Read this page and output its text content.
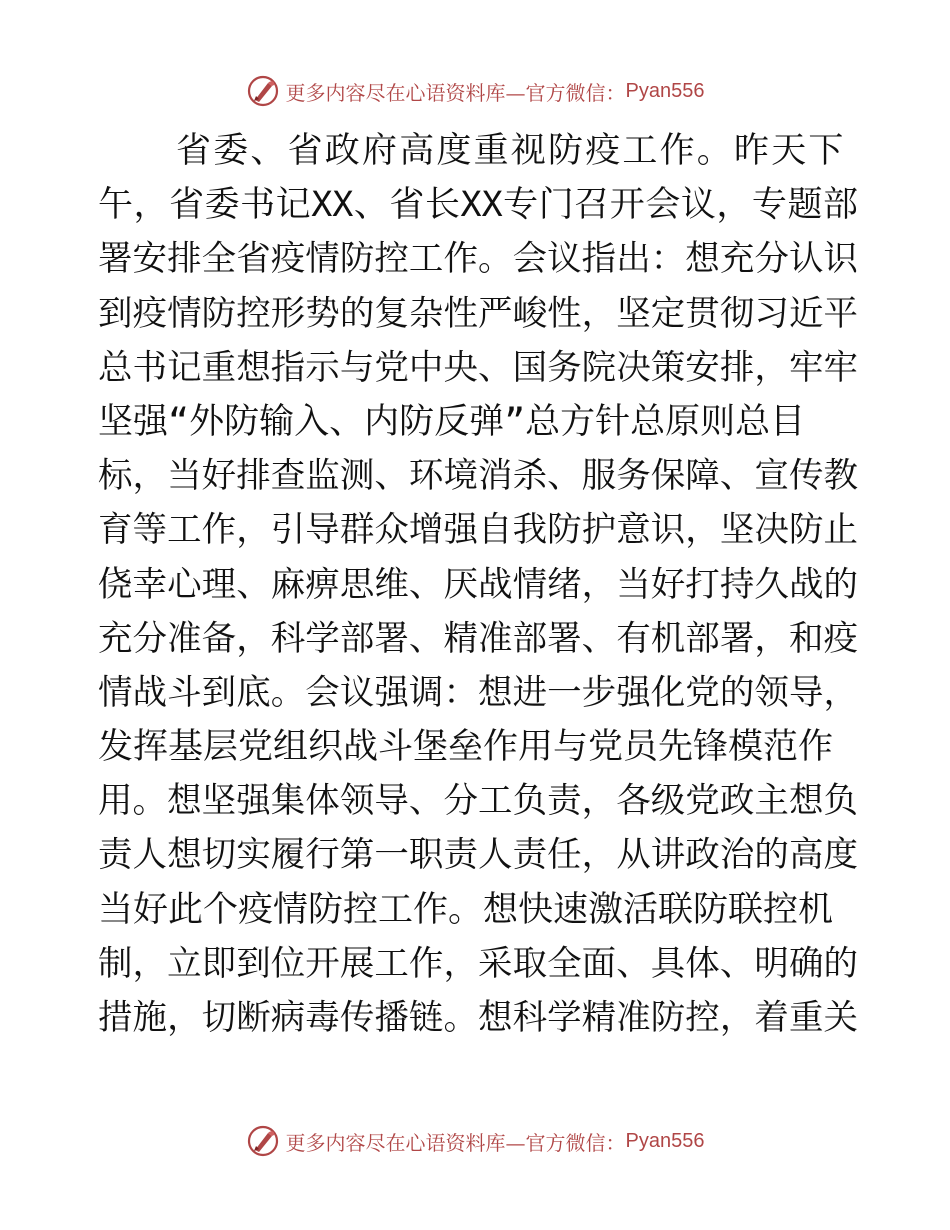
更多内容尽在心语资料库—官方微信： Pyan556
省委、省政府高度重视防疫工作。昨天下
午，省委书记XX、省长XX专门召开会议，专题部
署安排全省疫情防控工作。会议指出：想充分认识
到疫情防控形势的复杂性严峻性，坚定贯彻习近平
总书记重想指示与党中央、国务院决策安排，牢牢
坚强“外防输入、内防反弹”总方针总原则总目
标，当好排查监测、环境消杀、服务保障、宣传教
育等工作，引导群众增强自我防护意识，坚决防止
侥幸心理、麻痹思维、厌战情绪，当好打持久战的
充分准备，科学部署、精准部署、有机部署，和疫
情战斗到底。会议强调：想进一步强化党的领导，
发挥基层党组织战斗堡垒作用与党员先锋模范作
用。想坚强集体领导、分工负责，各级党政主想负
责人想切实履行第一职责人责任，从讲政治的高度
当好此个疫情防控工作。想快速激活联防联控机
制，立即到位开展工作，采取全面、具体、明确的
措施，切断病毒传播链。想科学精准防控，着重关
更多内容尽在心语资料库—官方微信： Pyan556
